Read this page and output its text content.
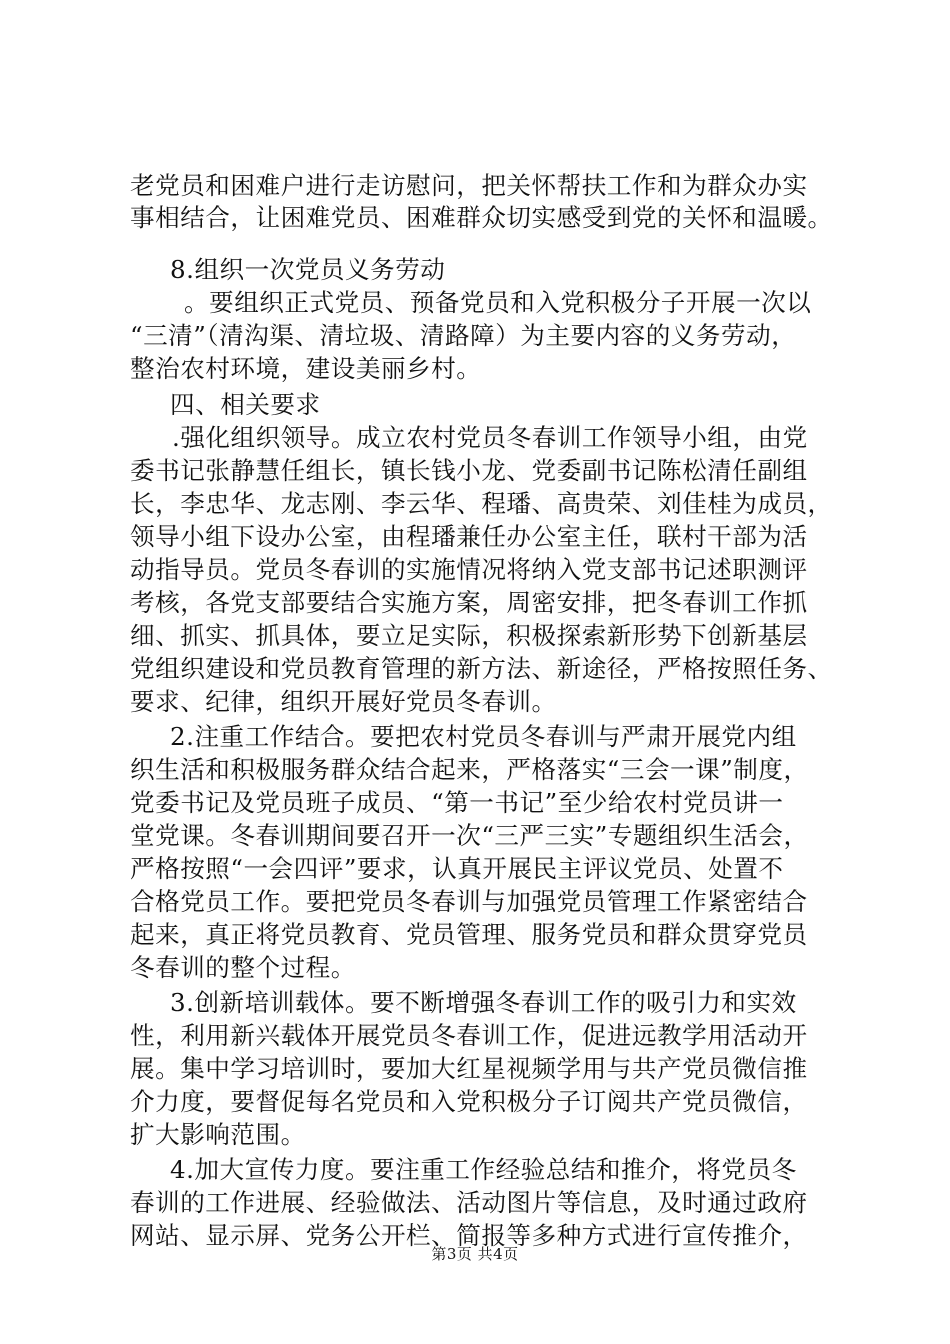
老党员和困难户进行走访慰问，把关怀帮扶工作和为群众办实
事相结合，让困难党员、困难群众切实感受到党的关怀和温暖。
8.组织一次党员义务劳动
。要组织正式党员、预备党员和入党积极分子开展一次以
“三清”（清沟渠、清垃圾、清路障）为主要内容的义务劳动，
整治农村环境，建设美丽乡村。
四、相关要求
.强化组织领导。成立农村党员冬春训工作领导小组，由党
委书记张静慧任组长，镇长钱小龙、党委副书记陈松清任副组
长，李忠华、龙志刚、李云华、程璠、高贵荣、刘佳桂为成员，
领导小组下设办公室，由程璠兼任办公室主任，联村干部为活
动指导员。党员冬春训的实施情况将纳入党支部书记述职测评
考核，各党支部要结合实施方案，周密安排，把冬春训工作抓
细、抓实、抓具体，要立足实际，积极探索新形势下创新基层
党组织建设和党员教育管理的新方法、新途径，严格按照任务、
要求、纪律，组织开展好党员冬春训。
2.注重工作结合。要把农村党员冬春训与严肃开展党内组
织生活和积极服务群众结合起来，严格落实“三会一课”制度，
党委书记及党员班子成员、“第一书记”至少给农村党员讲一
堂党课。冬春训期间要召开一次“三严三实”专题组织生活会，
严格按照“一会四评”要求，认真开展民主评议党员、处置不
合格党员工作。要把党员冬春训与加强党员管理工作紧密结合
起来，真正将党员教育、党员管理、服务党员和群众贯穿党员
冬春训的整个过程。
3.创新培训载体。要不断增强冬春训工作的吸引力和实效
性，利用新兴载体开展党员冬春训工作，促进远教学用活动开
展。集中学习培训时，要加大红星视频学用与共产党员微信推
介力度，要督促每名党员和入党积极分子订阅共产党员微信，
扩大影响范围。
4.加大宣传力度。要注重工作经验总结和推介，将党员冬
春训的工作进展、经验做法、活动图片等信息，及时通过政府
网站、显示屏、党务公开栏、简报等多种方式进行宣传推介，
第3页 共4页
